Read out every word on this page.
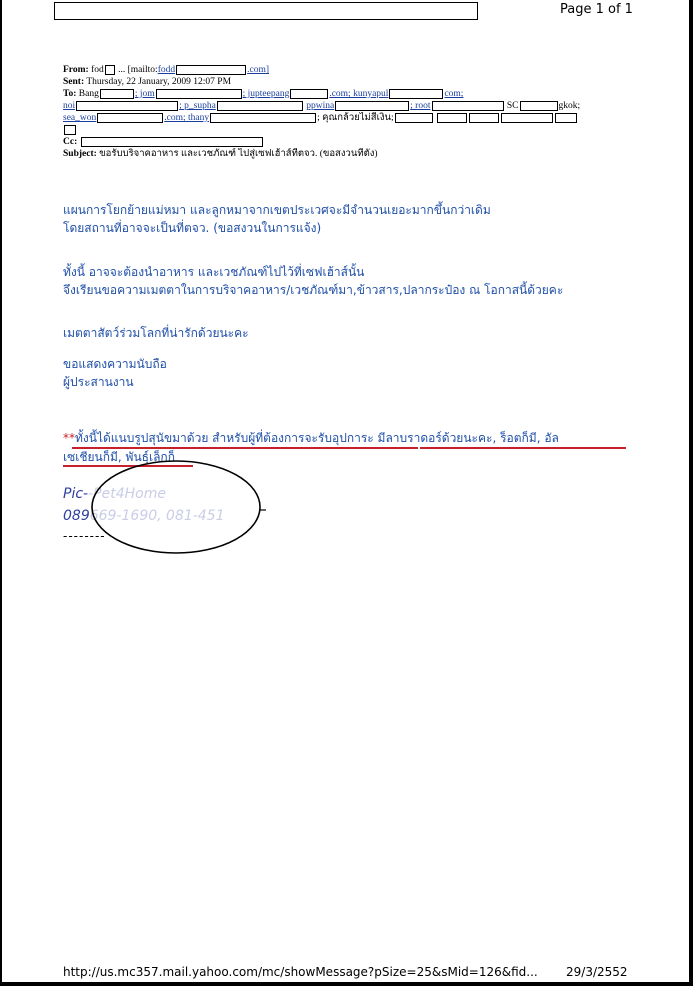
Page 1 of 1
From: fod ... [mailto:fodd	.com]
Sent: Thursday, 22 January, 2009 12:07 PM
To: Bang	; jom	; jupteepang	.com; kunyapul	com;
noi	; p_supha	ppwina	; root	SC	gkok;
sea_won	.com; thany	; คุณกล้วยไม่สีเงิน;
Cc:
Subject: ขอรับบริจาคอาหาร และเวชภัณฑ์ ไปสู่เซฟเฮ้าส์ที่ตจว. (ขอสงวนที่ตั้ง)
แผนการโยกย้ายแม่หมา และลูกหมาจากเขตประเวศจะมีจำนวนเยอะมากขึ้นกว่าเดิม
โดยสถานที่อาจจะเป็นที่ตจว. (ขอสงวนในการแจ้ง)
ทั้งนี้ อาจจะต้องนำอาหาร และเวชภัณฑ์ไปไว้ที่เซฟเฮ้าส์นั้น
จึงเรียนขอความเมตตาในการบริจาคอาหาร/เวชภัณฑ์มา,ข้าวสาร,ปลากระป๋อง ณ โอกาสนี้ด้วยคะ
เมตตาสัตว์ร่วมโลกที่น่ารักด้วยนะคะ
ขอแสดงความนับถือ
ผู้ประสานงาน
**ทั้งนี้ได้แนบรูปสุนัขมาด้วย สำหรับผู้ที่ต้องการจะรับอุปการะ มีลาบราดอร์ด้วยนะคะ, ร็อตก็มี, อัล
เซเชียนก็มี, พันธุ์เล็กก็
Pic--Pet4Home
089669-1690, 081-451
--------
http://us.mc357.mail.yahoo.com/mc/showMessage?pSize=25&sMid=126&fid... 29/3/2552
